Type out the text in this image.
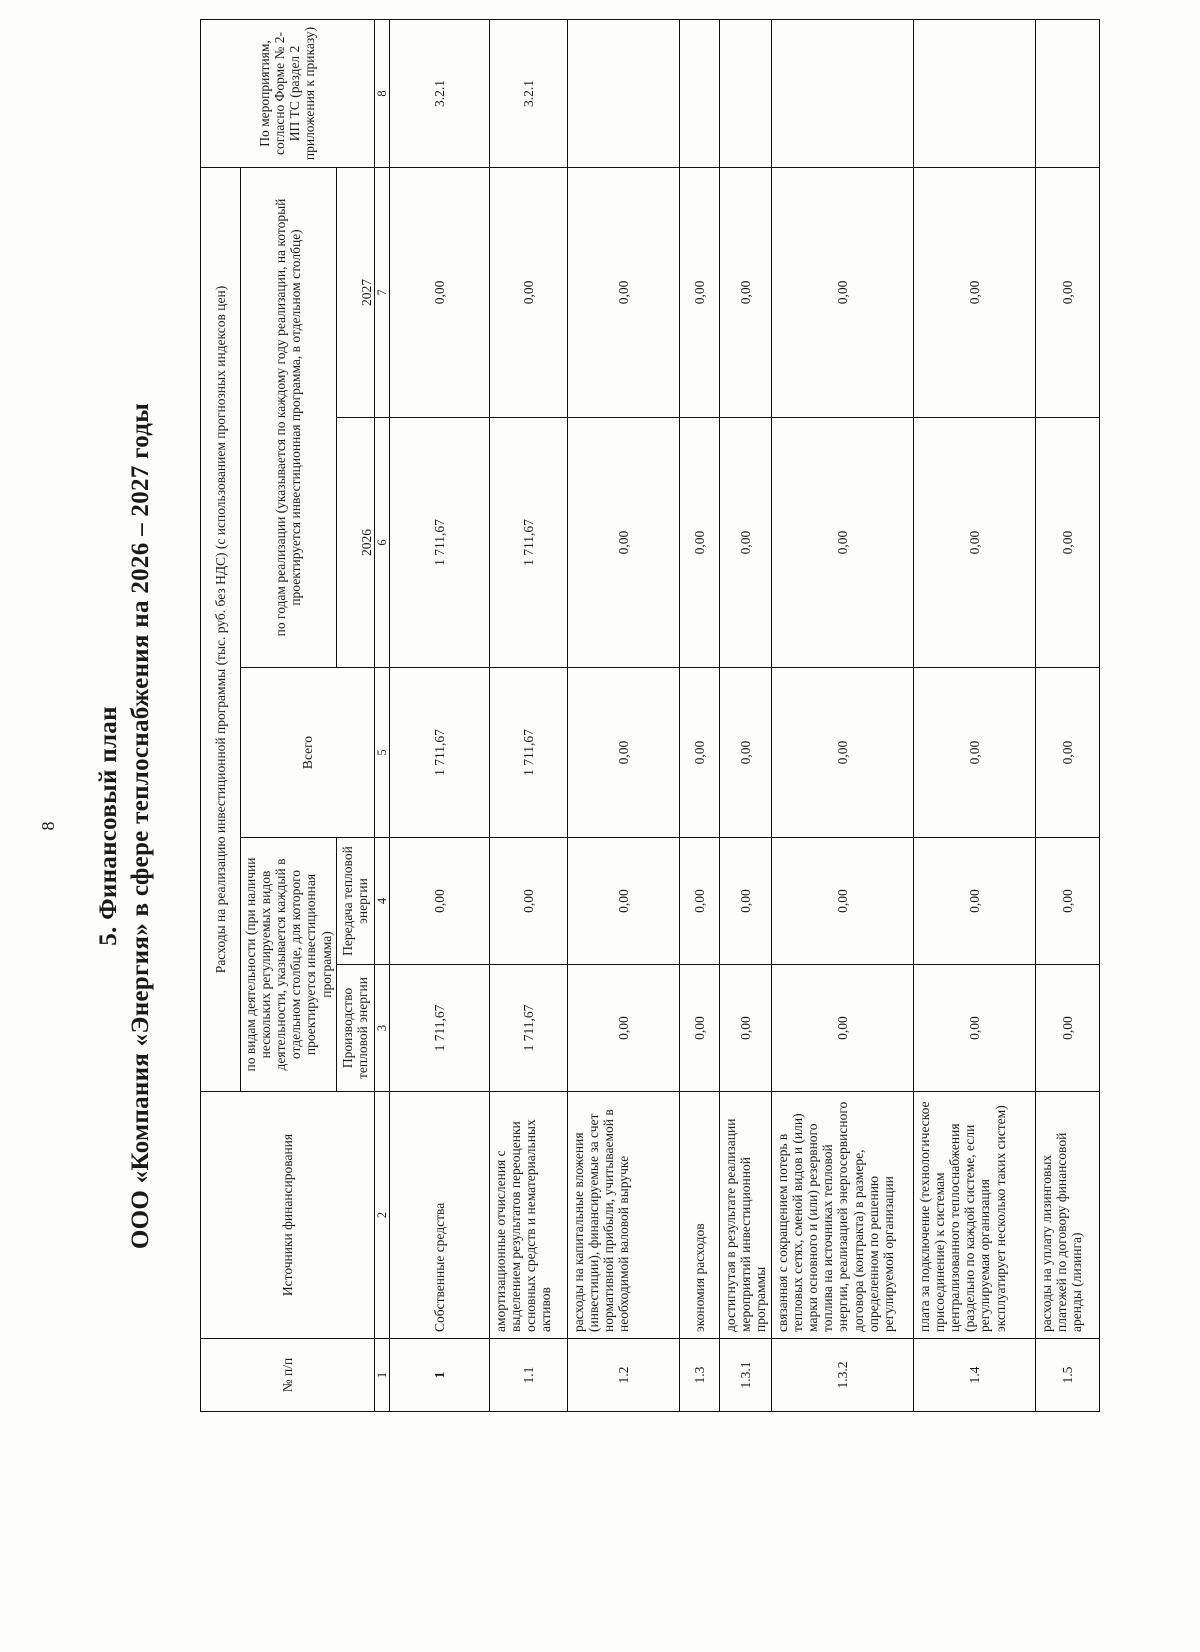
8 5. Финансовый план ООО «Компания «Энергия» в сфере теплоснабжения на 2026 – 2027 годы
№ п/п	Источники финансирования	Расходы на реализацию инвестиционной программы (тыс. руб. без НДС) (с использованием прогнозных индексов цен)					По мероприятиям, согласно Форме № 2-ИП ТС (раздел 2 приложения к приказу)
		по видам деятельности (при наличии нескольких регулируемых видов деятельности, указывается каждый в отдельном столбце, для которого проектируется инвестиционная программа)		Всего	по годам реализации (указывается по каждому году реализации, на который проектируется инвестиционная программа, в отдельном столбце)		
		Производство тепловой энергии	Передача тепловой энергии		2026	2027	

1	2	3	4	5	6	7	8
1	Собственные средства	1 711,67	0,00	1 711,67	1 711,67	0,00	3.2.1
1.1	амортизационные отчисления с выделением результатов переоценки основных средств и нематериальных активов	1 711,67	0,00	1 711,67	1 711,67	0,00	3.2.1
1.2	расходы на капитальные вложения (инвестиции), финансируемые за счет нормативной прибыли, учитываемой в необходимой валовой выручке	0,00	0,00	0,00	0,00	0,00	
1.3	экономия расходов	0,00	0,00	0,00	0,00	0,00	
1.3.1	достигнутая в результате реализации мероприятий инвестиционной программы	0,00	0,00	0,00	0,00	0,00	
1.3.2	связанная с сокращением потерь в тепловых сетях, сменой видов и (или) марки основного и (или) резервного топлива на источниках тепловой энергии, реализацией энергосервисного договора (контракта) в размере, определенном по решению регулируемой организации	0,00	0,00	0,00	0,00	0,00	
1.4	плата за подключение (технологическое присоединение) к системам централизованного теплоснабжения (раздельно по каждой системе, если регулируемая организация эксплуатирует несколько таких систем)	0,00	0,00	0,00	0,00	0,00	
1.5	расходы на уплату лизинговых платежей по договору финансовой аренды (лизинга)	0,00	0,00	0,00	0,00	0,00	
